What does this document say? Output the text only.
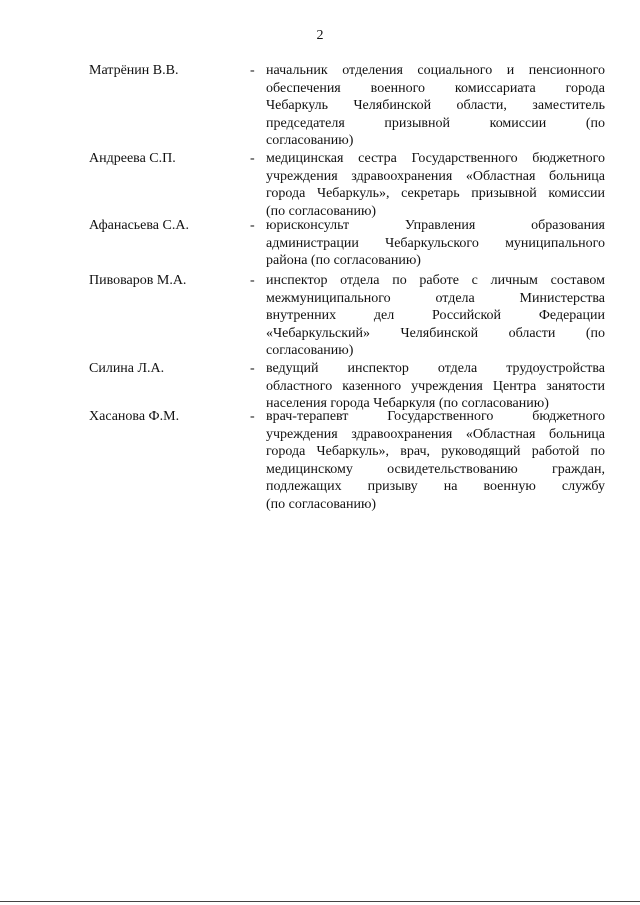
2
Матрёнин В.В.	- начальник отделения социального и пенсионного
обеспечения военного комиссариата города
Чебаркуль Челябинской области, заместитель
председателя призывной комиссии (по
согласованию)
Андреева С.П.	- медицинская сестра Государственного бюджетного
учреждения здравоохранения «Областная больница
города Чебаркуль», секретарь призывной комиссии
(по согласованию)
Афанасьева С.А.	- юрисконсульт Управления образования
администрации Чебаркульского муниципального
района (по согласованию)
Пивоваров М.А.	- инспектор отдела по работе с личным составом
межмуниципального отдела Министерства
внутренних дел Российской Федерации
«Чебаркульский» Челябинской области (по
согласованию)
Силина Л.А.	- ведущий инспектор отдела трудоустройства
областного казенного учреждения Центра занятости
населения города Чебаркуля (по согласованию)
Хасанова Ф.М.	- врач-терапевт Государственного бюджетного
учреждения здравоохранения «Областная больница
города Чебаркуль», врач, руководящий работой по
медицинскому освидетельствованию граждан,
подлежащих призыву на военную службу
(по согласованию)
